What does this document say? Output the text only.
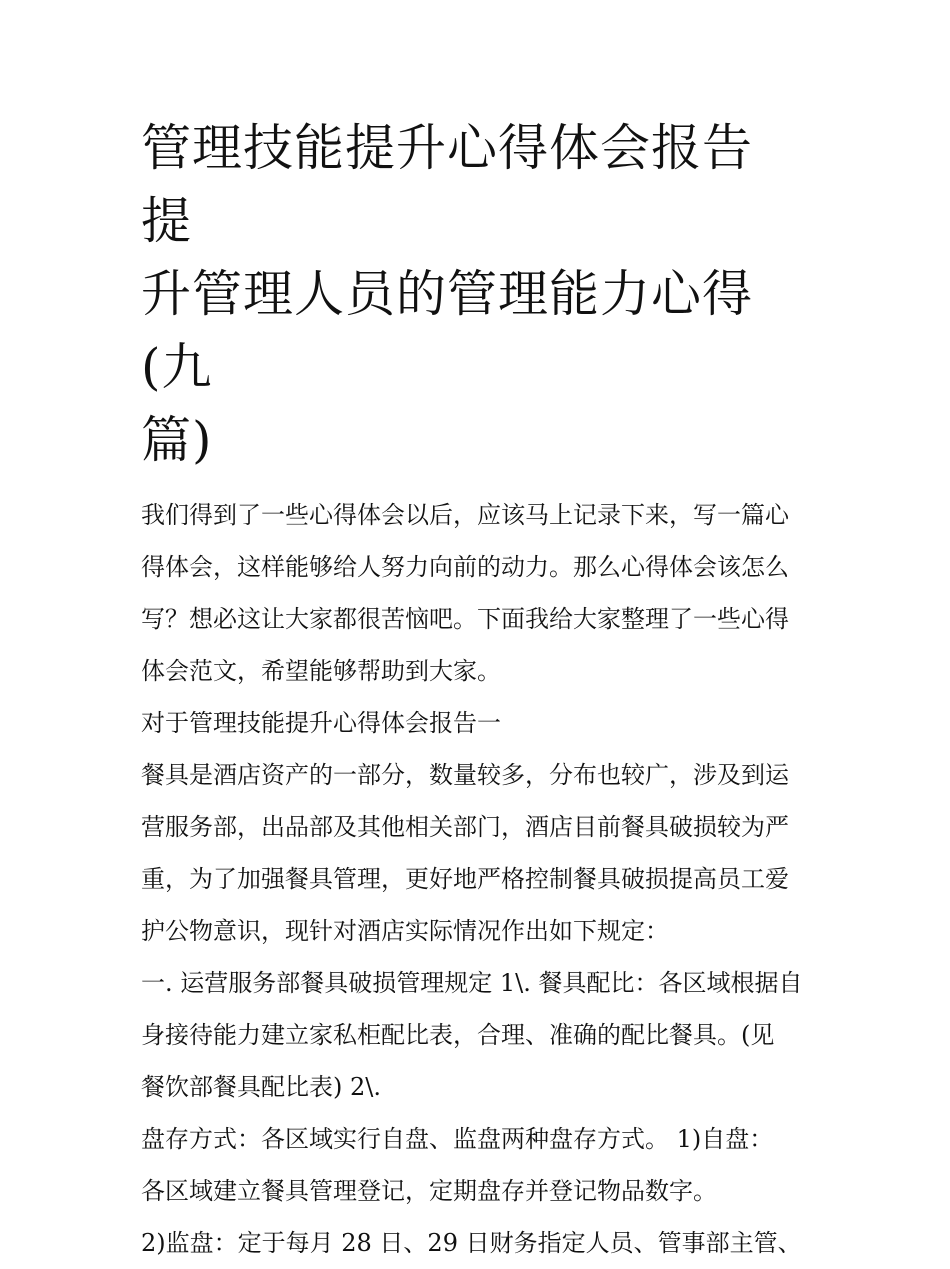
管理技能提升心得体会报告 提
升管理人员的管理能力心得(九
篇)
我们得到了一些心得体会以后，应该马上记录下来，写一篇心
得体会，这样能够给人努力向前的动力。那么心得体会该怎么
写？想必这让大家都很苦恼吧。下面我给大家整理了一些心得
体会范文，希望能够帮助到大家。
对于管理技能提升心得体会报告一
餐具是酒店资产的一部分，数量较多，分布也较广，涉及到运
营服务部，出品部及其他相关部门，酒店目前餐具破损较为严
重，为了加强餐具管理，更好地严格控制餐具破损提高员工爱
护公物意识，现针对酒店实际情况作出如下规定：
一. 运营服务部餐具破损管理规定 1\. 餐具配比：各区域根据自
身接待能力建立家私柜配比表，合理、准确的配比餐具。(见
餐饮部餐具配比表) 2\.
盘存方式：各区域实行自盘、监盘两种盘存方式。 1)自盘：
各区域建立餐具管理登记，定期盘存并登记物品数字。
2)监盘：定于每月 28 日、29 日财务指定人员、管事部主管、
